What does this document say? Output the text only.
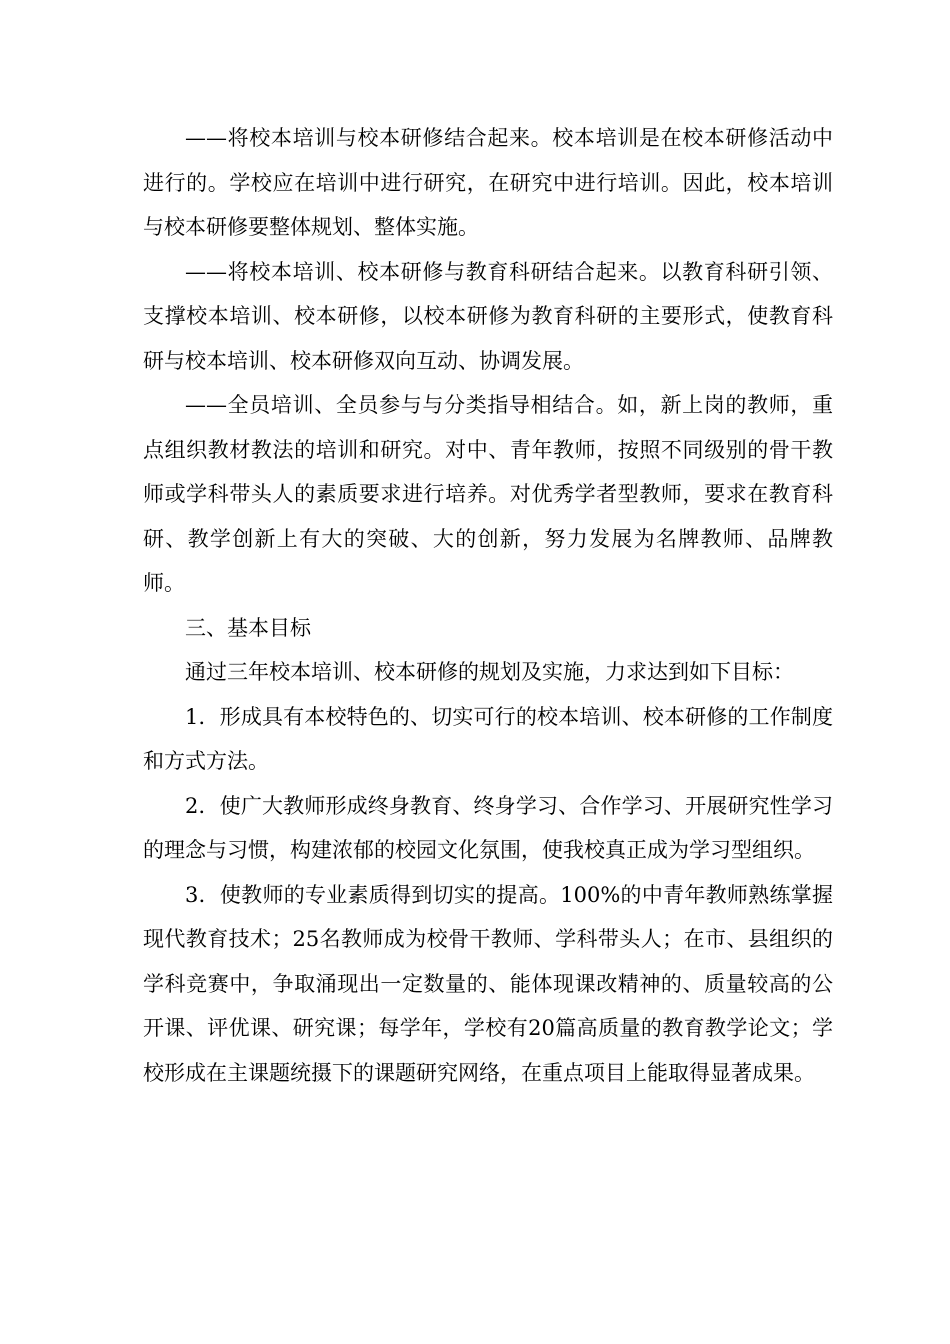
——将校本培训与校本研修结合起来。校本培训是在校本研修活动中进行的。学校应在培训中进行研究，在研究中进行培训。因此，校本培训与校本研修要整体规划、整体实施。

——将校本培训、校本研修与教育科研结合起来。以教育科研引领、支撑校本培训、校本研修，以校本研修为教育科研的主要形式，使教育科研与校本培训、校本研修双向互动、协调发展。

——全员培训、全员参与与分类指导相结合。如，新上岗的教师，重点组织教材教法的培训和研究。对中、青年教师，按照不同级别的骨干教师或学科带头人的素质要求进行培养。对优秀学者型教师，要求在教育科研、教学创新上有大的突破、大的创新，努力发展为名牌教师、品牌教师。

三、基本目标

通过三年校本培训、校本研修的规划及实施，力求达到如下目标：

1．形成具有本校特色的、切实可行的校本培训、校本研修的工作制度和方式方法。

2．使广大教师形成终身教育、终身学习、合作学习、开展研究性学习的理念与习惯，构建浓郁的校园文化氛围，使我校真正成为学习型组织。

3．使教师的专业素质得到切实的提高。100%的中青年教师熟练掌握现代教育技术；25名教师成为校骨干教师、学科带头人；在市、县组织的学科竞赛中，争取涌现出一定数量的、能体现课改精神的、质量较高的公开课、评优课、研究课；每学年，学校有20篇高质量的教育教学论文；学校形成在主课题统摄下的课题研究网络，在重点项目上能取得显著成果。
